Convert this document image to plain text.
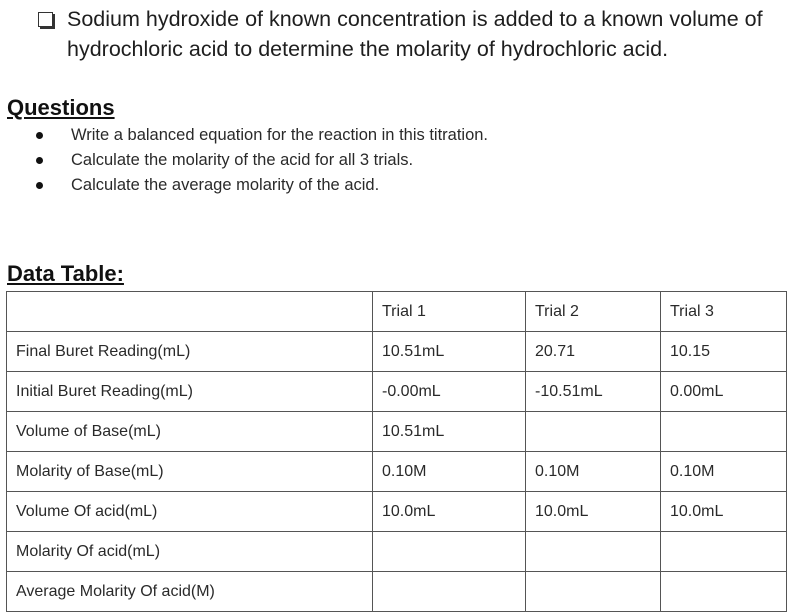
Sodium hydroxide of known concentration is added to a known volume of hydrochloric acid to determine the molarity of hydrochloric acid.
Questions
Write a balanced equation for the reaction in this titration.
Calculate the molarity of the acid for all 3 trials.
Calculate the average molarity of the acid.
Data Table:
	Trial 1	Trial 2	Trial 3
Final Buret Reading(mL)	10.51mL	20.71	10.15
Initial Buret Reading(mL)	-0.00mL	-10.51mL	0.00mL
Volume of Base(mL)	10.51mL		
Molarity of Base(mL)	0.10M	0.10M	0.10M
Volume Of acid(mL)	10.0mL	10.0mL	10.0mL
Molarity Of acid(mL)			
Average Molarity Of acid(M)			
